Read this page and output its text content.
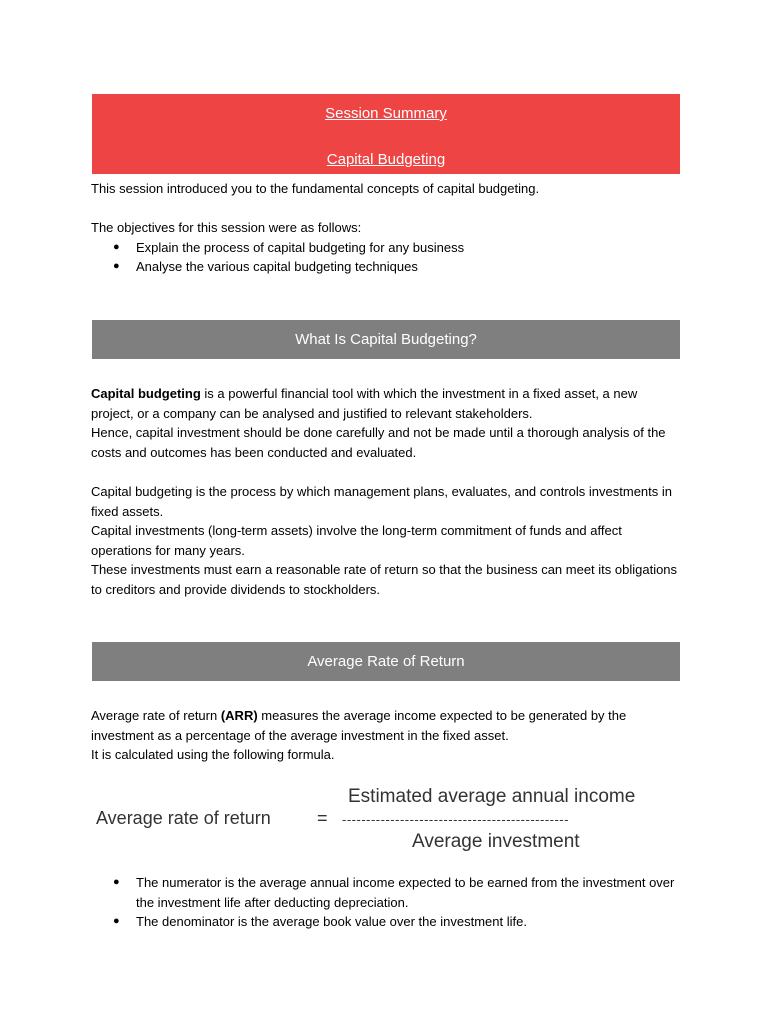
Session Summary
Capital Budgeting

This session introduced you to the fundamental concepts of capital budgeting.

The objectives for this session were as follows:

● Explain the process of capital budgeting for any business
● Analyse the various capital budgeting techniques
What Is Capital Budgeting?

Capital budgeting is a powerful financial tool with which the investment in a fixed asset, a new project, or a company can be analysed and justified to relevant stakeholders.

Hence, capital investment should be done carefully and not be made until a thorough analysis of the costs and outcomes has been conducted and evaluated.

Capital budgeting is the process by which management plans, evaluates, and controls investments in fixed assets.

Capital investments (long-term assets) involve the long-term commitment of funds and affect operations for many years.

These investments must earn a reasonable rate of return so that the business can meet its obligations to creditors and provide dividends to stockholders.

Average Rate of Return

Average rate of return (ARR) measures the average income expected to be generated by the investment as a percentage of the average investment in the fixed asset.

It is calculated using the following formula.

Average rate of return	=
Estimated average annual income
-----------------------------------------------
Average investment
● The numerator is the average annual income expected to be earned from the investment over the investment life after deducting depreciation.
● The denominator is the average book value over the investment life.
